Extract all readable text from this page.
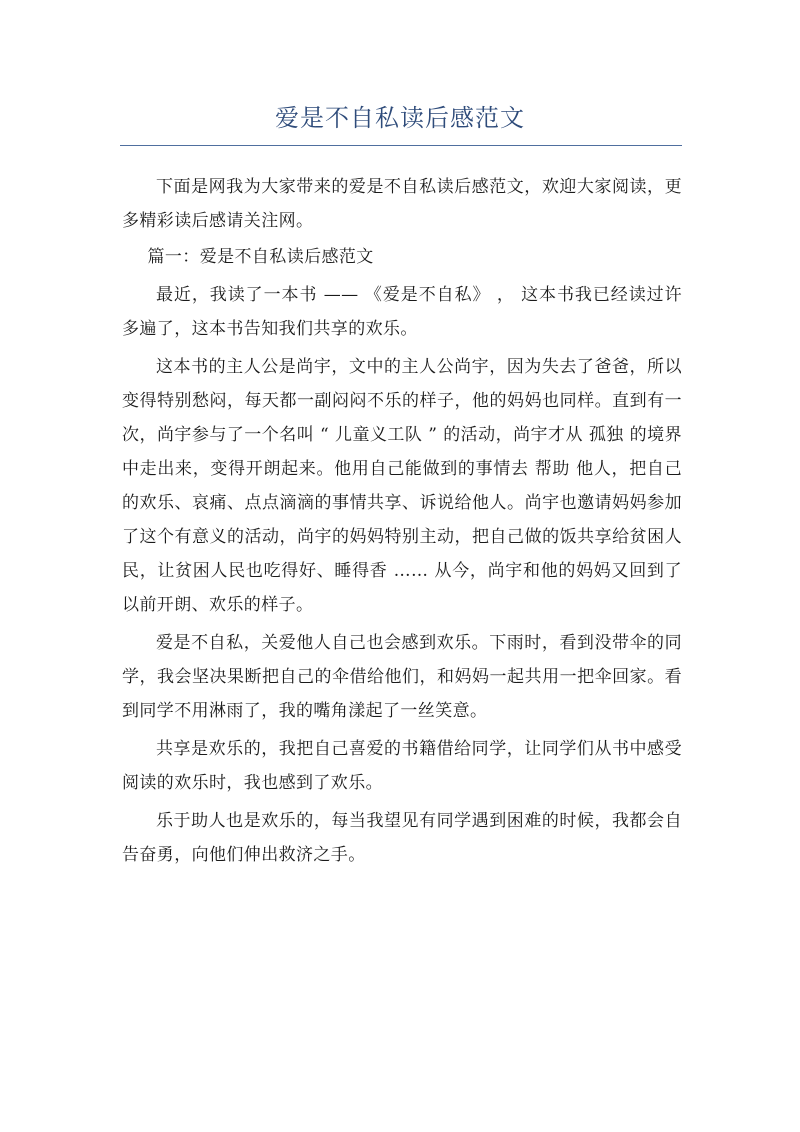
爱是不自私读后感范文

下面是网我为大家带来的爱是不自私读后感范文，欢迎大家阅读，更多精彩读后感请关注网。

篇一：爱是不自私读后感范文

最近，我读了一本书 —— 《爱是不自私》 ， 这本书我已经读过许多遍了，这本书告知我们共享的欢乐。

这本书的主人公是尚宇，文中的主人公尚宇，因为失去了爸爸，所以变得特别愁闷，每天都一副闷闷不乐的样子，他的妈妈也同样。直到有一次，尚宇参与了一个名叫 “ 儿童义工队 ” 的活动，尚宇才从 孤独 的境界中走出来，变得开朗起来。他用自己能做到的事情去 帮助 他人，把自己的欢乐、哀痛、点点滴滴的事情共享、诉说给他人。尚宇也邀请妈妈参加了这个有意义的活动，尚宇的妈妈特别主动，把自己做的饭共享给贫困人民，让贫困人民也吃得好、睡得香 …… 从今，尚宇和他的妈妈又回到了以前开朗、欢乐的样子。

爱是不自私，关爱他人自己也会感到欢乐。下雨时，看到没带伞的同学，我会坚决果断把自己的伞借给他们，和妈妈一起共用一把伞回家。看到同学不用淋雨了，我的嘴角漾起了一丝笑意。

共享是欢乐的，我把自己喜爱的书籍借给同学，让同学们从书中感受阅读的欢乐时，我也感到了欢乐。

乐于助人也是欢乐的，每当我望见有同学遇到困难的时候，我都会自告奋勇，向他们伸出救济之手。
